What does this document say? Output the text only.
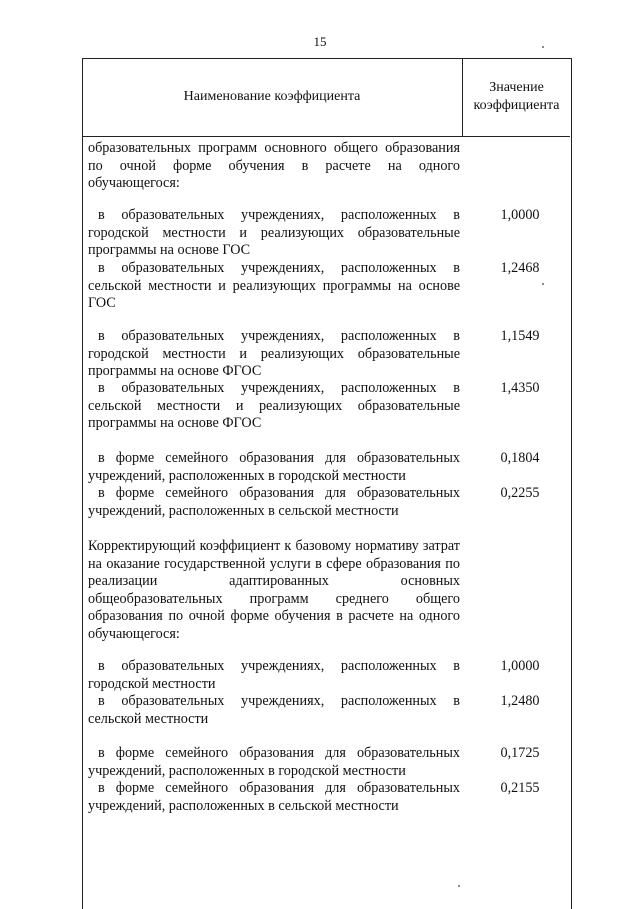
15
Наименование коэффициента
Значение
коэффициента
образовательных программ основного общего образования по очной форме обучения в расчете на одного обучающегося:
в образовательных учреждениях, расположенных в городской местности и реализующих образовательные программы на основе ГОС
1,0000
в образовательных учреждениях, расположенных в сельской местности и реализующих программы на основе ГОС
1,2468
в образовательных учреждениях, расположенных в городской местности и реализующих образовательные программы на основе ФГОС
1,1549
в образовательных учреждениях, расположенных в сельской местности и реализующих образовательные программы на основе ФГОС
1,4350
в форме семейного образования для образовательных учреждений, расположенных в городской местности
0,1804
в форме семейного образования для образовательных учреждений, расположенных в сельской местности
0,2255
Корректирующий коэффициент к базовому нормативу затрат на оказание государственной услуги в сфере образования по реализации адаптированных основных общеобразовательных программ среднего общего образования по очной форме обучения в расчете на одного обучающегося:
в образовательных учреждениях, расположенных в городской местности
1,0000
в образовательных учреждениях, расположенных в сельской местности
1,2480
в форме семейного образования для образовательных учреждений, расположенных в городской местности
0,1725
в форме семейного образования для образовательных учреждений, расположенных в сельской местности
0,2155
